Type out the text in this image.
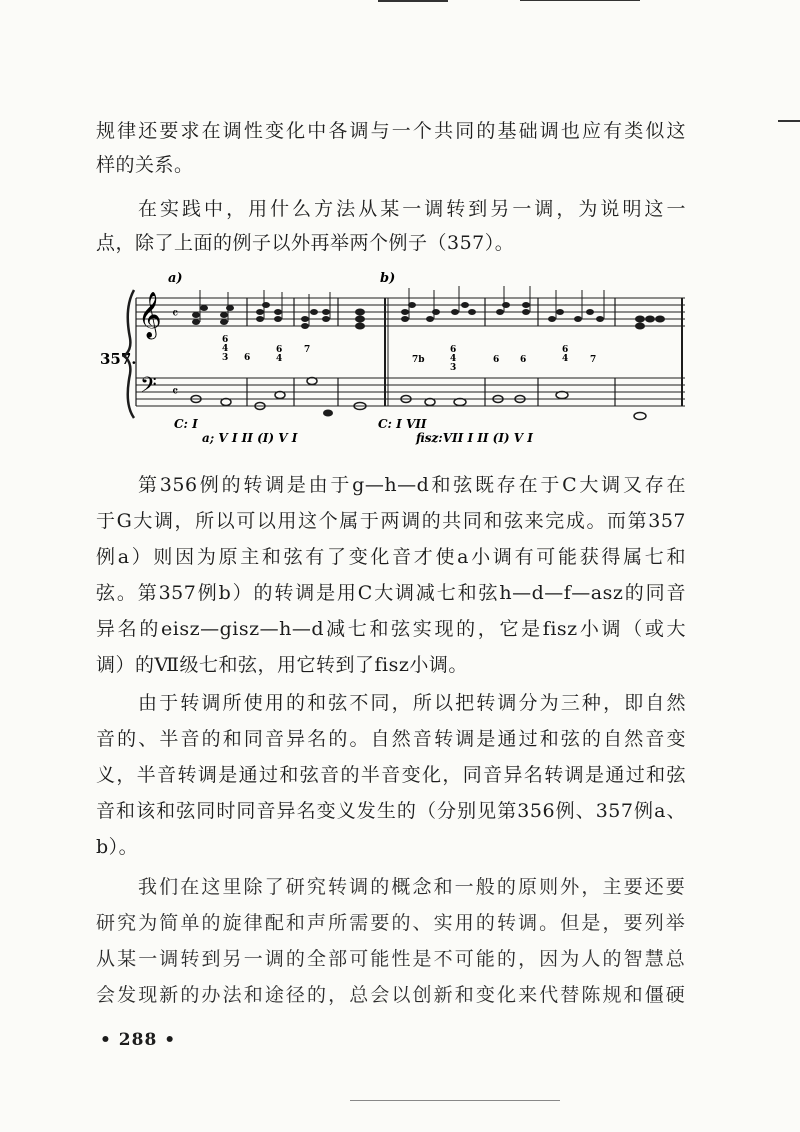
规律还要求在调性变化中各调与一个共同的基础调也应有类似这
样的关系。
在实践中，用什么方法从某一调转到另一调，为说明这一
点，除了上面的例子以外再举两个例子（357）。
a)	b)
357.
𝄞
𝄢
𝄴
𝄴
6
4
3 6
6
4
7
7b
6
4
3
6 6
6
4 7
C: I
a; V I II (I) V I
C: I VII
fisz:VII I II (I) V I
第356例的转调是由于g—h—d和弦既存在于C大调又存在
于G大调，所以可以用这个属于两调的共同和弦来完成。而第357
例a）则因为原主和弦有了变化音才使a小调有可能获得属七和
弦。第357例b）的转调是用C大调减七和弦h—d—f—asz的同音
异名的eisz—gisz—h—d减七和弦实现的，它是fisz小调（或大
调）的Ⅶ级七和弦，用它转到了fisz小调。
由于转调所使用的和弦不同，所以把转调分为三种，即自然
音的、半音的和同音异名的。自然音转调是通过和弦的自然音变
义，半音转调是通过和弦音的半音变化，同音异名转调是通过和弦
音和该和弦同时同音异名变义发生的（分别见第356例、357例a、
b）。
我们在这里除了研究转调的概念和一般的原则外，主要还要
研究为简单的旋律配和声所需要的、实用的转调。但是，要列举
从某一调转到另一调的全部可能性是不可能的，因为人的智慧总
会发现新的办法和途径的，总会以创新和变化来代替陈规和僵硬
• 288 •
